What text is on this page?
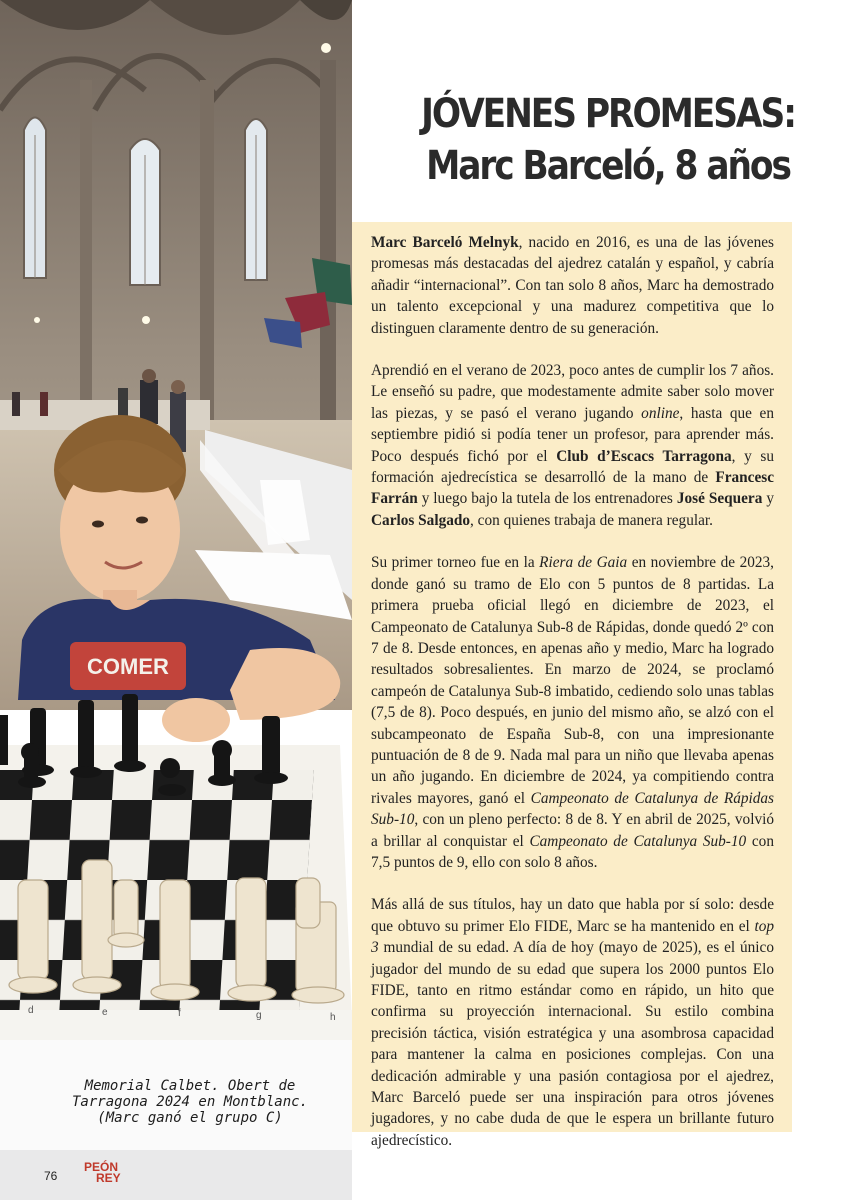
COMER
d	e	f	g	h
Memorial Calbet. Obert de
Tarragona 2024 en Montblanc.
(Marc ganó el grupo C)
76
PEÓN
REY
JÓVENES PROMESAS:
Marc Barceló, 8 años

Marc Barceló Melnyk, nacido en 2016, es una de las jóvenes promesas más destacadas del ajedrez catalán y español, y cabría añadir “internacional”. Con tan solo 8 años, Marc ha demostrado un talento excepcional y una madurez competitiva que lo distinguen claramente dentro de su generación.

Aprendió en el verano de 2023, poco antes de cumplir los 7 años. Le enseñó su padre, que modestamente admite saber solo mover las piezas, y se pasó el verano jugando online, hasta que en septiembre pidió si podía tener un profesor, para aprender más. Poco después fichó por el Club d’Escacs Tarragona, y su formación ajedrecística se desarrolló de la mano de Francesc Farrán y luego bajo la tutela de los entrenadores José Sequera y Carlos Salgado, con quienes trabaja de manera regular.

Su primer torneo fue en la Riera de Gaia en noviembre de 2023, donde ganó su tramo de Elo con 5 puntos de 8 partidas. La primera prueba oficial llegó en diciembre de 2023, el Campeonato de Catalunya Sub-8 de Rápidas, donde quedó 2º con 7 de 8. Desde entonces, en apenas año y medio, Marc ha logrado resultados sobresalientes. En marzo de 2024, se proclamó campeón de Catalunya Sub-8 imbatido, cediendo solo unas tablas (7,5 de 8). Poco después, en junio del mismo año, se alzó con el subcampeonato de España Sub-8, con una impresionante puntuación de 8 de 9. Nada mal para un niño que llevaba apenas un año jugando. En diciembre de 2024, ya compitiendo contra rivales mayores, ganó el Campeonato de Catalunya de Rápidas Sub-10, con un pleno perfecto: 8 de 8. Y en abril de 2025, volvió a brillar al conquistar el Campeonato de Catalunya Sub-10 con 7,5 puntos de 9, ello con solo 8 años.

Más allá de sus títulos, hay un dato que habla por sí solo: desde que obtuvo su primer Elo FIDE, Marc se ha mantenido en el top 3 mundial de su edad. A día de hoy (mayo de 2025), es el único jugador del mundo de su edad que supera los 2000 puntos Elo FIDE, tanto en ritmo estándar como en rápido, un hito que confirma su proyección internacional. Su estilo combina precisión táctica, visión estratégica y una asombrosa capacidad para mantener la calma en posiciones complejas. Con una dedicación admirable y una pasión contagiosa por el ajedrez, Marc Barceló puede ser una inspiración para otros jóvenes jugadores, y no cabe duda de que le espera un brillante futuro ajedrecístico.
